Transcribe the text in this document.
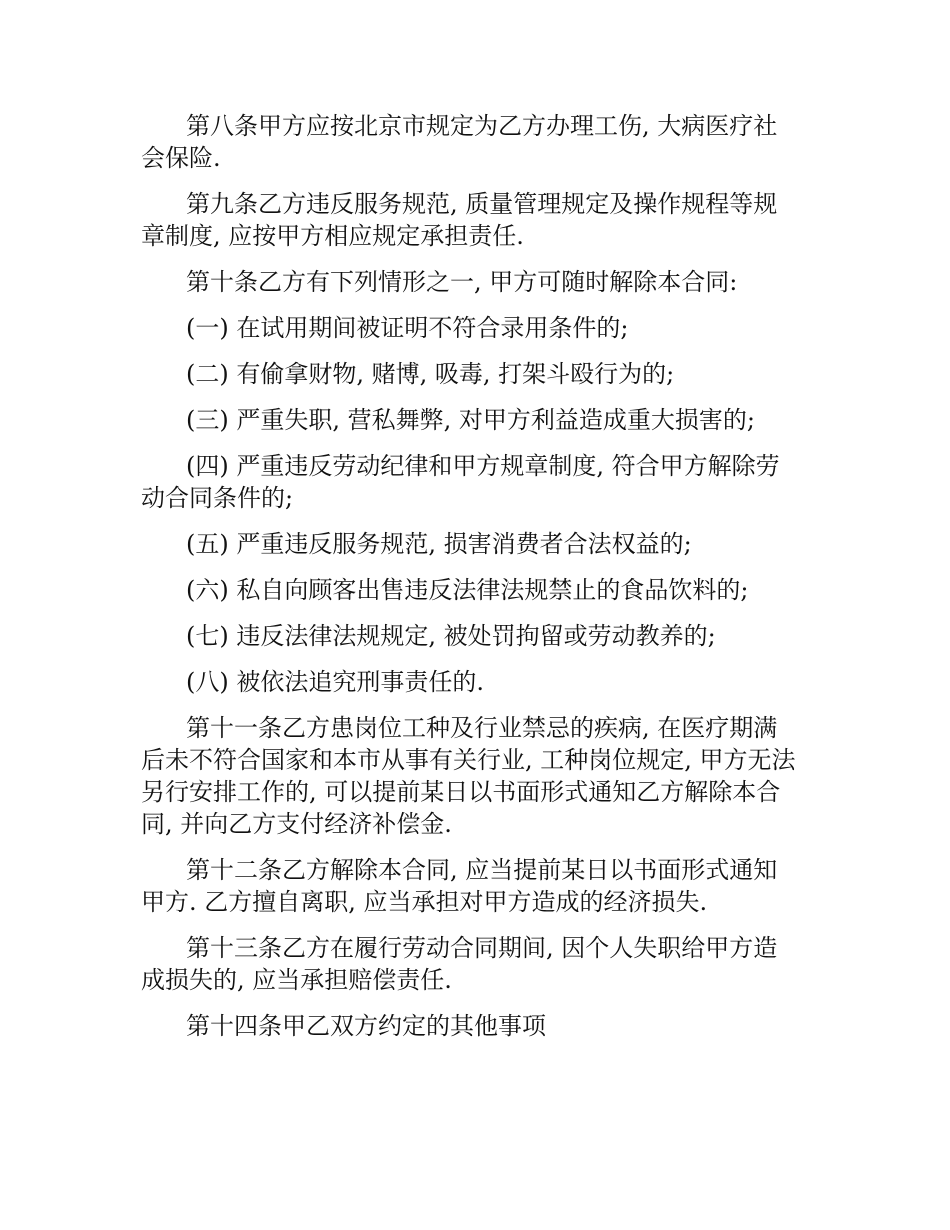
第八条甲方应按北京市规定为乙方办理工伤, 大病医疗社
会保险.

第九条乙方违反服务规范, 质量管理规定及操作规程等规
章制度, 应按甲方相应规定承担责任.

第十条乙方有下列情形之一, 甲方可随时解除本合同:

(一) 在试用期间被证明不符合录用条件的;

(二) 有偷拿财物, 赌博, 吸毒, 打架斗殴行为的;

(三) 严重失职, 营私舞弊, 对甲方利益造成重大损害的;

(四) 严重违反劳动纪律和甲方规章制度, 符合甲方解除劳
动合同条件的;

(五) 严重违反服务规范, 损害消费者合法权益的;

(六) 私自向顾客出售违反法律法规禁止的食品饮料的;

(七) 违反法律法规规定, 被处罚拘留或劳动教养的;

(八) 被依法追究刑事责任的.

第十一条乙方患岗位工种及行业禁忌的疾病, 在医疗期满
后未不符合国家和本市从事有关行业, 工种岗位规定, 甲方无法
另行安排工作的, 可以提前某日以书面形式通知乙方解除本合
同, 并向乙方支付经济补偿金.

第十二条乙方解除本合同, 应当提前某日以书面形式通知
甲方. 乙方擅自离职, 应当承担对甲方造成的经济损失.

第十三条乙方在履行劳动合同期间, 因个人失职给甲方造
成损失的, 应当承担赔偿责任.

第十四条甲乙双方约定的其他事项
